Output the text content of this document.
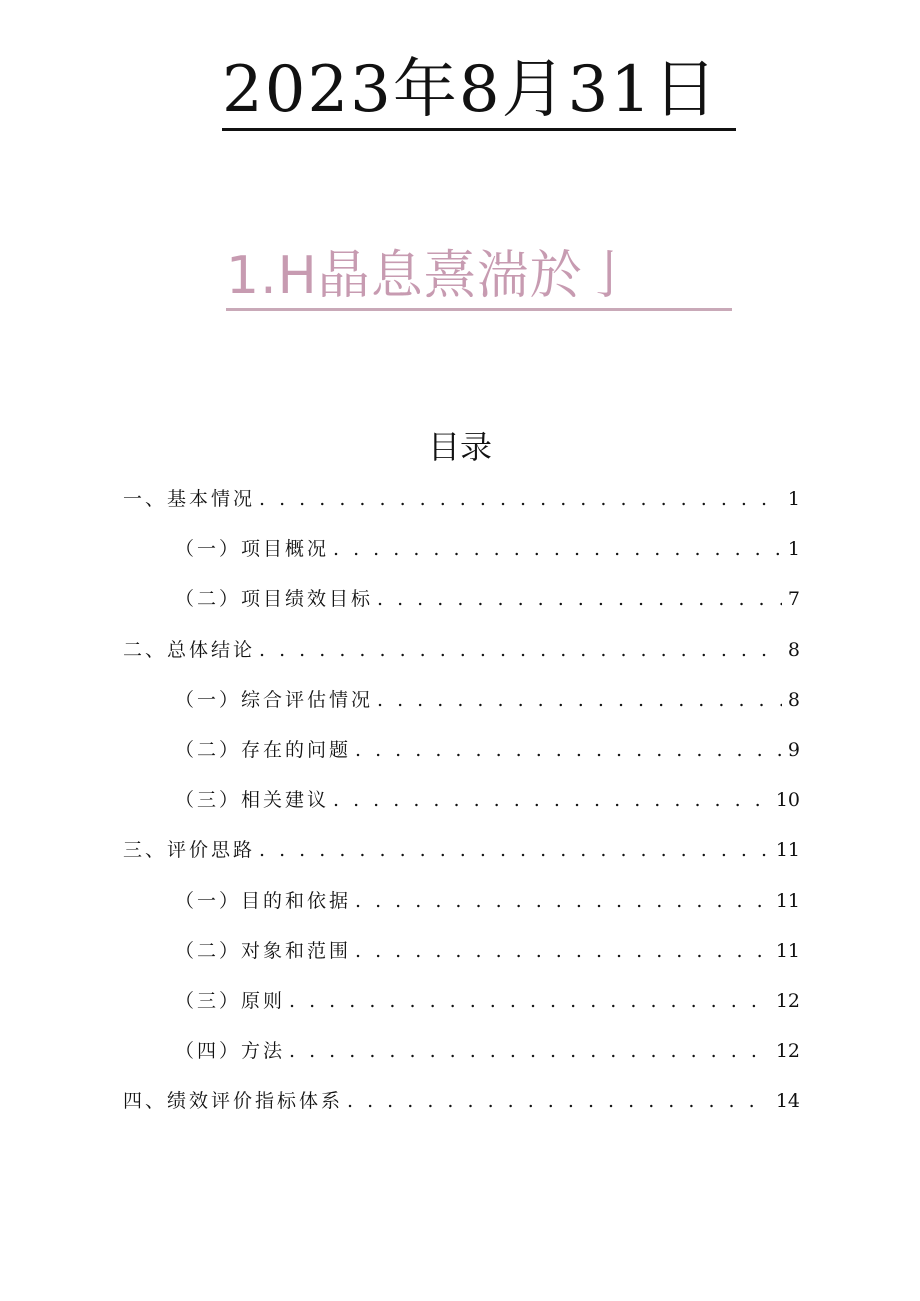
2023年8月31日
1.H晶息熹湍於亅
目录
一、基本情况 . . .	1
（一）项目概况 . . .	1
（二）项目绩效目标 . . .	7
二、总体结论 . . .	8
（一）综合评估情况 . . .	8
（二）存在的问题 . . .	9
（三）相关建议 . . .	10
三、评价思路 . . .	11
（一）目的和依据 . . .	11
（二）对象和范围 . . .	11
（三）原则 . . .	12
（四）方法 . . .	12
四、绩效评价指标体系 . . .	14
